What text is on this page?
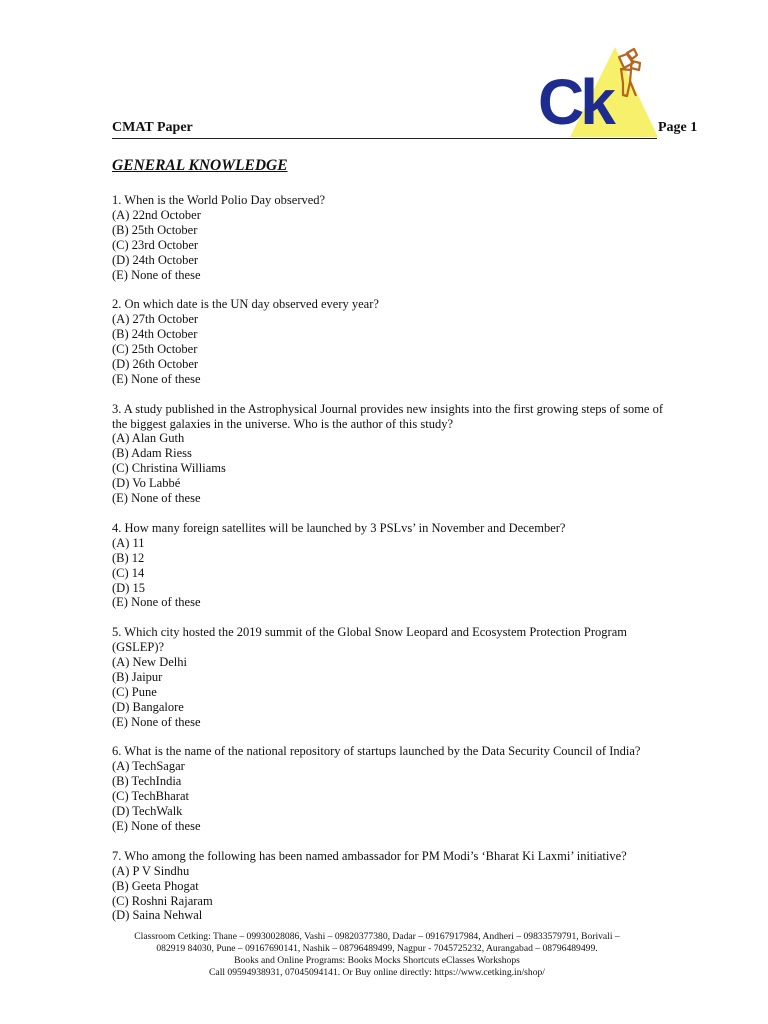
Ck
CMAT Paper	Page 1
GENERAL KNOWLEDGE
1. When is the World Polio Day observed?
(A) 22nd October
(B) 25th October
(C) 23rd October
(D) 24th October
(E) None of these
2. On which date is the UN day observed every year?
(A) 27th October
(B) 24th October
(C) 25th October
(D) 26th October
(E) None of these
3. A study published in the Astrophysical Journal provides new insights into the first growing steps of some of the biggest galaxies in the universe. Who is the author of this study?
(A) Alan Guth
(B) Adam Riess
(C) Christina Williams
(D) Vo Labbé
(E) None of these
4. How many foreign satellites will be launched by 3 PSLvs’ in November and December?
(A) 11
(B) 12
(C) 14
(D) 15
(E) None of these
5. Which city hosted the 2019 summit of the Global Snow Leopard and Ecosystem Protection Program (GSLEP)?
(A) New Delhi
(B) Jaipur
(C) Pune
(D) Bangalore
(E) None of these
6. What is the name of the national repository of startups launched by the Data Security Council of India?
(A) TechSagar
(B) TechIndia
(C) TechBharat
(D) TechWalk
(E) None of these
7. Who among the following has been named ambassador for PM Modi’s ‘Bharat Ki Laxmi’ initiative?
(A) P V Sindhu
(B) Geeta Phogat
(C) Roshni Rajaram
(D) Saina Nehwal
Classroom Cetking: Thane – 09930028086, Vashi – 09820377380, Dadar – 09167917984, Andheri – 09833579791, Borivali –
082919 84030, Pune – 09167690141, Nashik – 08796489499, Nagpur - 7045725232, Aurangabad – 08796489499.
Books and Online Programs: Books Mocks Shortcuts eClasses Workshops
Call 09594938931, 07045094141. Or Buy online directly: https://www.cetking.in/shop/
